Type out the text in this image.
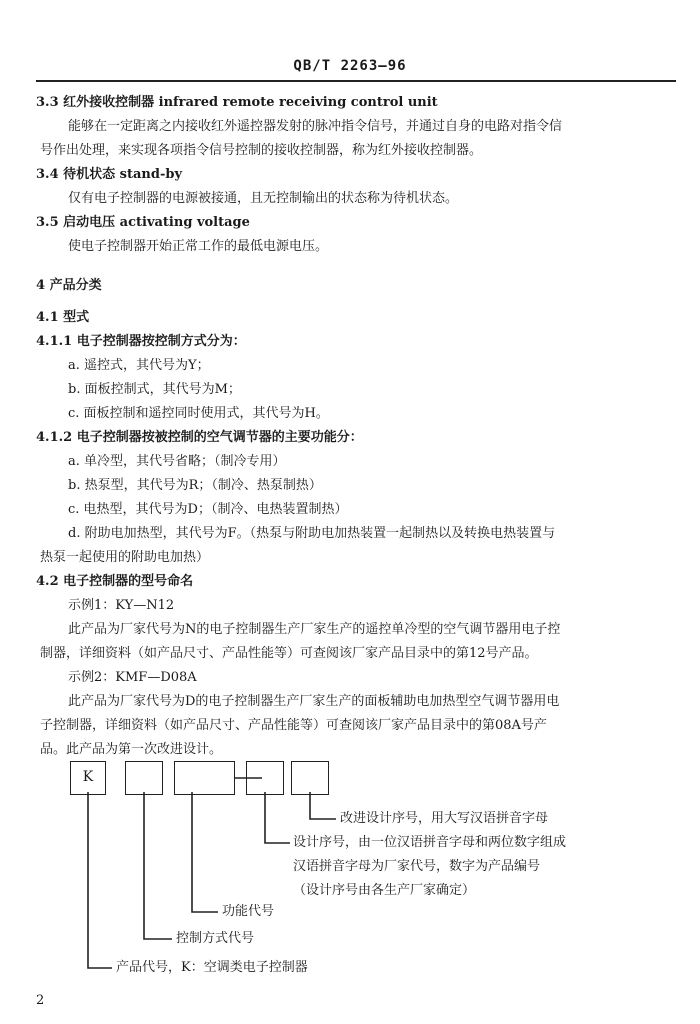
QB/T 2263—96
3.3 红外接收控制器 infrared remote receiving control unit
能够在一定距离之内接收红外遥控器发射的脉冲指令信号，并通过自身的电路对指令信
号作出处理，来实现各项指令信号控制的接收控制器，称为红外接收控制器。
3.4 待机状态 stand-by
仅有电子控制器的电源被接通，且无控制输出的状态称为待机状态。
3.5 启动电压 activating voltage
使电子控制器开始正常工作的最低电源电压。
4 产品分类
4.1 型式
4.1.1 电子控制器按控制方式分为：
a. 遥控式，其代号为Y；
b. 面板控制式，其代号为M；
c. 面板控制和遥控同时使用式，其代号为H。
4.1.2 电子控制器按被控制的空气调节器的主要功能分：
a. 单冷型，其代号省略；（制冷专用）
b. 热泵型，其代号为R；（制冷、热泵制热）
c. 电热型，其代号为D；（制冷、电热装置制热）
d. 附助电加热型，其代号为F。（热泵与附助电加热装置一起制热以及转换电热装置与
热泵一起使用的附助电加热）
4.2 电子控制器的型号命名
示例1：KY—N12
此产品为厂家代号为N的电子控制器生产厂家生产的遥控单冷型的空气调节器用电子控
制器，详细资料（如产品尺寸、产品性能等）可查阅该厂家产品目录中的第12号产品。
示例2：KMF—D08A
此产品为厂家代号为D的电子控制器生产厂家生产的面板辅助电加热型空气调节器用电
子控制器，详细资料（如产品尺寸、产品性能等）可查阅该厂家产品目录中的第08A号产
品。此产品为第一次改进设计。
K
改进设计序号，用大写汉语拼音字母
设计序号，由一位汉语拼音字母和两位数字组成
汉语拼音字母为厂家代号，数字为产品编号
（设计序号由各生产厂家确定）
功能代号
控制方式代号
产品代号，K：空调类电子控制器
2
